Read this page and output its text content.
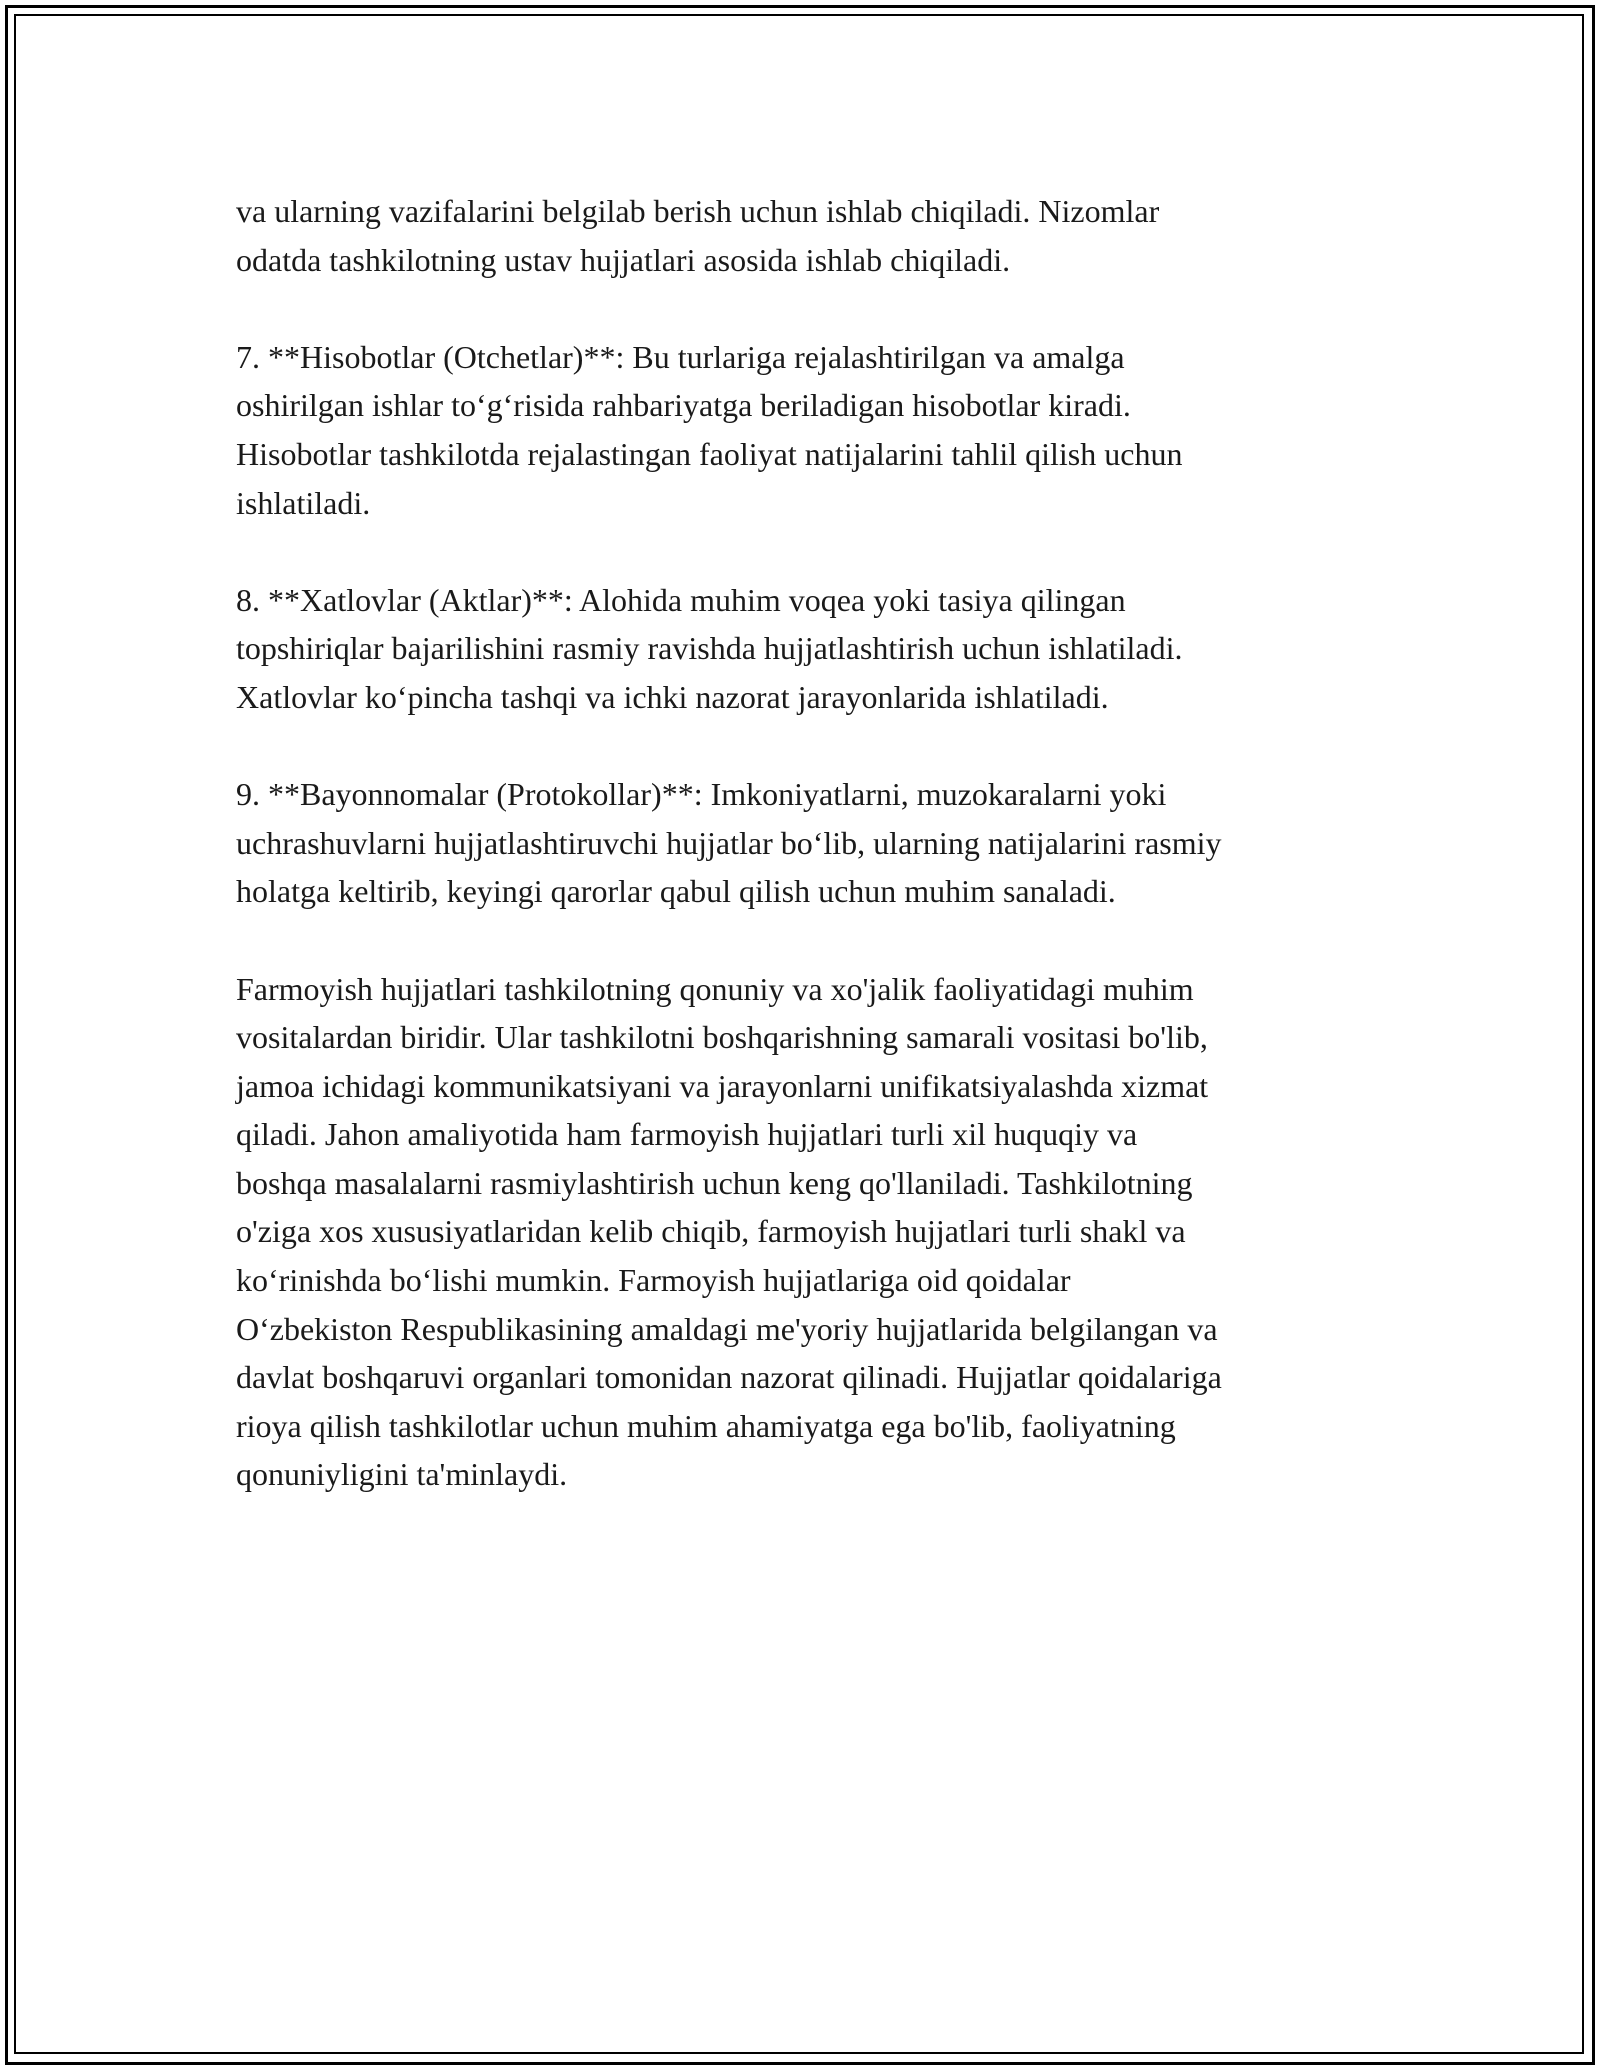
va ularning vazifalarini belgilab berish uchun ishlab chiqiladi. Nizomlar
odatda tashkilotning ustav hujjatlari asosida ishlab chiqiladi.

7. **Hisobotlar (Otchetlar)**: Bu turlariga rejalashtirilgan va amalga
oshirilgan ishlar to‘g‘risida rahbariyatga beriladigan hisobotlar kiradi.
Hisobotlar tashkilotda rejalastingan faoliyat natijalarini tahlil qilish uchun
ishlatiladi.

8. **Xatlovlar (Aktlar)**: Alohida muhim voqea yoki tasiya qilingan
topshiriqlar bajarilishini rasmiy ravishda hujjatlashtirish uchun ishlatiladi.
Xatlovlar ko‘pincha tashqi va ichki nazorat jarayonlarida ishlatiladi.

9. **Bayonnomalar (Protokollar)**: Imkoniyatlarni, muzokaralarni yoki
uchrashuvlarni hujjatlashtiruvchi hujjatlar bo‘lib, ularning natijalarini rasmiy
holatga keltirib, keyingi qarorlar qabul qilish uchun muhim sanaladi.

Farmoyish hujjatlari tashkilotning qonuniy va xo'jalik faoliyatidagi muhim
vositalardan biridir. Ular tashkilotni boshqarishning samarali vositasi bo'lib,
jamoa ichidagi kommunikatsiyani va jarayonlarni unifikatsiyalashda xizmat
qiladi. Jahon amaliyotida ham farmoyish hujjatlari turli xil huquqiy va
boshqa masalalarni rasmiylashtirish uchun keng qo'llaniladi. Tashkilotning
o'ziga xos xususiyatlaridan kelib chiqib, farmoyish hujjatlari turli shakl va
ko‘rinishda bo‘lishi mumkin. Farmoyish hujjatlariga oid qoidalar
O‘zbekiston Respublikasining amaldagi me'yoriy hujjatlarida belgilangan va
davlat boshqaruvi organlari tomonidan nazorat qilinadi. Hujjatlar qoidalariga
rioya qilish tashkilotlar uchun muhim ahamiyatga ega bo'lib, faoliyatning
qonuniyligini ta'minlaydi.
